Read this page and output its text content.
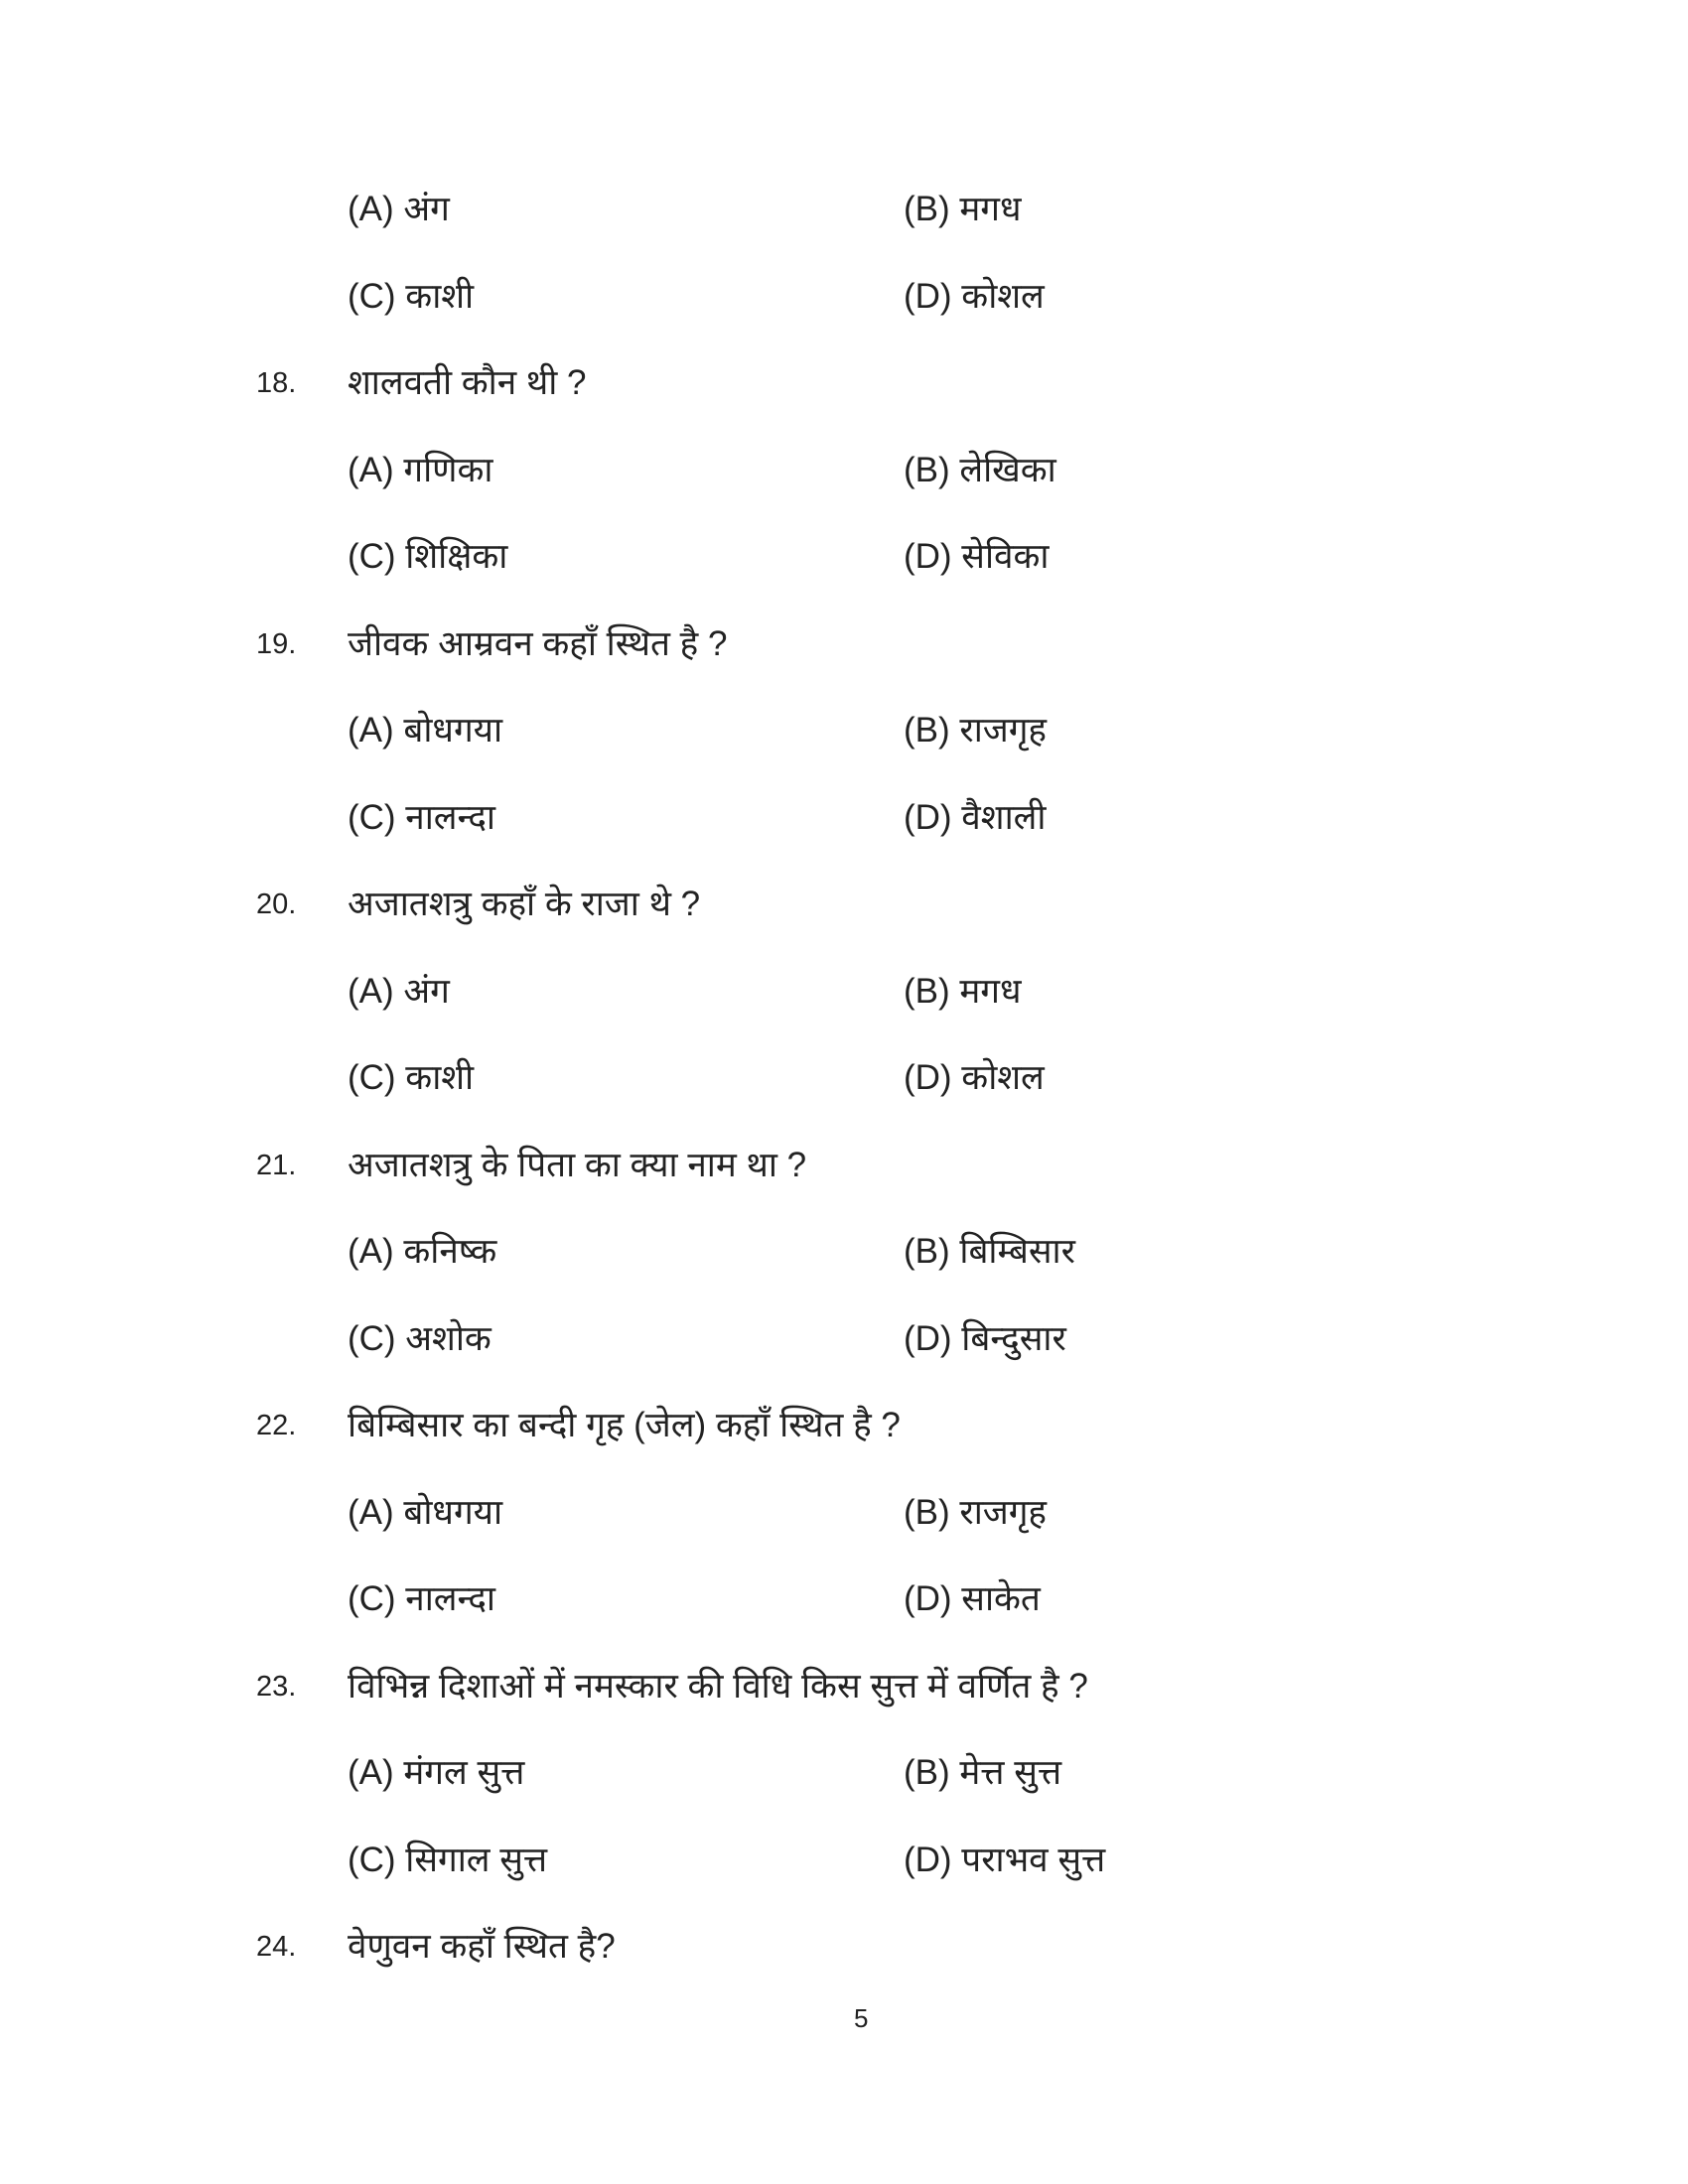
(A) अंग	(B) मगध
(C) काशी	(D) कोशल
18. शालवती कौन थी ?
(A) गणिका	(B) लेखिका
(C) शिक्षिका	(D) सेविका
19. जीवक आम्रवन कहाँ स्थित है ?
(A) बोधगया	(B) राजगृह
(C) नालन्दा	(D) वैशाली
20. अजातशत्रु कहाँ के राजा थे ?
(A) अंग	(B) मगध
(C) काशी	(D) कोशल
21. अजातशत्रु के पिता का क्या नाम था ?
(A) कनिष्क	(B) बिम्बिसार
(C) अशोक	(D) बिन्दुसार
22. बिम्बिसार का बन्दी गृह (जेल) कहाँ स्थित है ?
(A) बोधगया	(B) राजगृह
(C) नालन्दा	(D) साकेत
23. विभिन्न दिशाओं में नमस्कार की विधि किस सुत्त में वर्णित है ?
(A) मंगल सुत्त	(B) मेत्त सुत्त
(C) सिगाल सुत्त	(D) पराभव सुत्त
24. वेणुवन कहाँ स्थित है?
5
